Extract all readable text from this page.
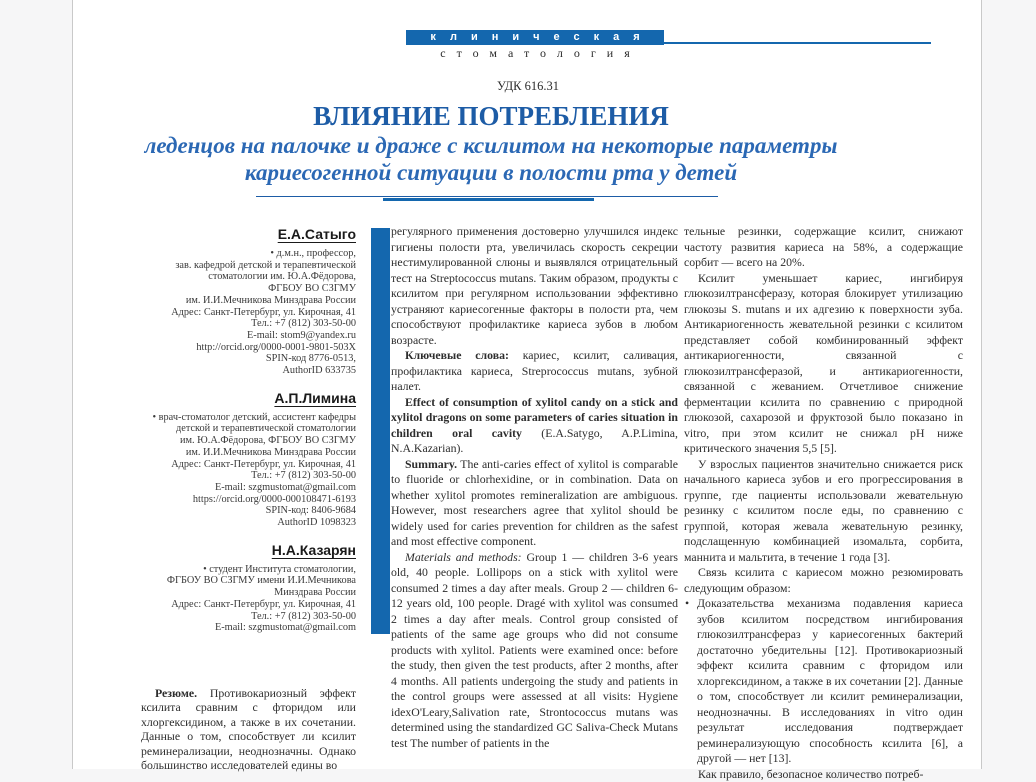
клиническая
стоматология
УДК 616.31
ВЛИЯНИЕ ПОТРЕБЛЕНИЯ
леденцов на палочке и драже с ксилитом на некоторые параметры
кариесогенной ситуации в полости рта у детей
Е.А.Сатыго
• д.м.н., профессор,
зав. кафедрой детской и терапевтической
стоматологии им. Ю.А.Фёдорова,
ФГБОУ ВО СЗГМУ
им. И.И.Мечникова Минздрава России
Адрес: Санкт-Петербург, ул. Кирочная, 41
Тел.: +7 (812) 303-50-00
E-mail: stom9@yandex.ru
http://orcid.org/0000-0001-9801-503X
SPIN-код 8776-0513,
AuthorID 633735
А.П.Лимина
• врач-стоматолог детский, ассистент кафедры
детской и терапевтической стоматологии
им. Ю.А.Фёдорова, ФГБОУ ВО СЗГМУ
им. И.И.Мечникова Минздрава России
Адрес: Санкт-Петербург, ул. Кирочная, 41
Тел.: +7 (812) 303-50-00
E-mail: szgmustomat@gmail.com
https://orcid.org/0000-000108471-6193
SPIN-код: 8406-9684
AuthorID 1098323
Н.А.Казарян
• студент Института стоматологии,
ФГБОУ ВО СЗГМУ имени И.И.Мечникова
Минздрава России
Адрес: Санкт-Петербург, ул. Кирочная, 41
Тел.: +7 (812) 303-50-00
E-mail: szgmustomat@gmail.com
Резюме. Противокариозный эффект ксилита сравним с фторидом или хлоргексидином, а также в их сочетании. Данные о том, способствует ли ксилит реминерализации, неоднозначны. Однако большинство исследователей едины во

регулярного применения достоверно улучшился индекс гигиены полости рта, увеличилась скорость секреции нестимулированной слюны и выявлялся отрицательный тест на Streptococcus mutans. Таким образом, продукты с ксилитом при регулярном использовании эффективно устраняют кариесогенные факторы в полости рта, чем способствуют профилактике кариеса зубов в любом возрасте.

Ключевые слова: кариес, ксилит, саливация, профилактика кариеса, Streprococcus mutans, зубной налет.

Effect of consumption of xylitol candy on a stick and xylitol dragons on some parameters of caries situation in children oral cavity (E.A.Satygo, A.P.Limina, N.A.Kazarian).

Summary. The anti-caries effect of xylitol is comparable to fluoride or chlorhexidine, or in combination. Data on whether xylitol promotes remineralization are ambiguous. However, most researchers agree that xylitol should be widely used for caries prevention for children as the safest and most effective component.

Materials and methods: Group 1 — children 3-6 years old, 40 people. Lollipops on a stick with xylitol were consumed 2 times a day after meals. Group 2 — children 6-12 years old, 100 people. Dragé with xylitol was consumed 2 times a day after meals. Control group consisted of patients of the same age groups who did not consume products with xylitol. Patients were examined once: before the study, then given the test products, after 2 months, after 4 months. All patients undergoing the study and patients in the control groups were assessed at all visits: Hygiene idexO'Leary,Salivation rate, Strontococcus mutans was determined using the standardized GC Saliva-Check Mutans test The number of patients in the

тельные резинки, содержащие ксилит, снижают частоту развития кариеса на 58%, а содержащие сорбит — всего на 20%.

Ксилит уменьшает кариес, ингибируя глюкозилтрансферазу, которая блокирует утилизацию глюкозы S. mutans и их адгезию к поверхности зуба. Антикариогенность жевательной резинки с ксилитом представляет собой комбинированный эффект антикариогенности, связанной с глюкозилтрансферазой, и антикариогенности, связанной с жеванием. Отчетливое снижение ферментации ксилита по сравнению с природной глюкозой, сахарозой и фруктозой было показано in vitro, при этом ксилит не снижал pH ниже критического значения 5,5 [5].

У взрослых пациентов значительно снижается риск начального кариеса зубов и его прогрессирования в группе, где пациенты использовали жевательную резинку с ксилитом после еды, по сравнению с группой, которая жевала жевательную резинку, подслащенную комбинацией изомальта, сорбита, маннита и мальтита, в течение 1 года [3].

Связь ксилита с кариесом можно резюмировать следующим образом:

• Доказательства механизма подавления кариеса зубов ксилитом посредством ингибирования глюкозилтрансфераз у кариесогенных бактерий достаточно убедительны [12]. Противокариозный эффект ксилита сравним с фторидом или хлоргексидином, а также в их сочетании [2]. Данные о том, способствует ли ксилит реминерализации, неоднозначны. В исследованиях in vitro один результат исследования подтверждает реминерализующую способность ксилита [6], а другой — нет [13].

Как правило, безопасное количество потреб-
